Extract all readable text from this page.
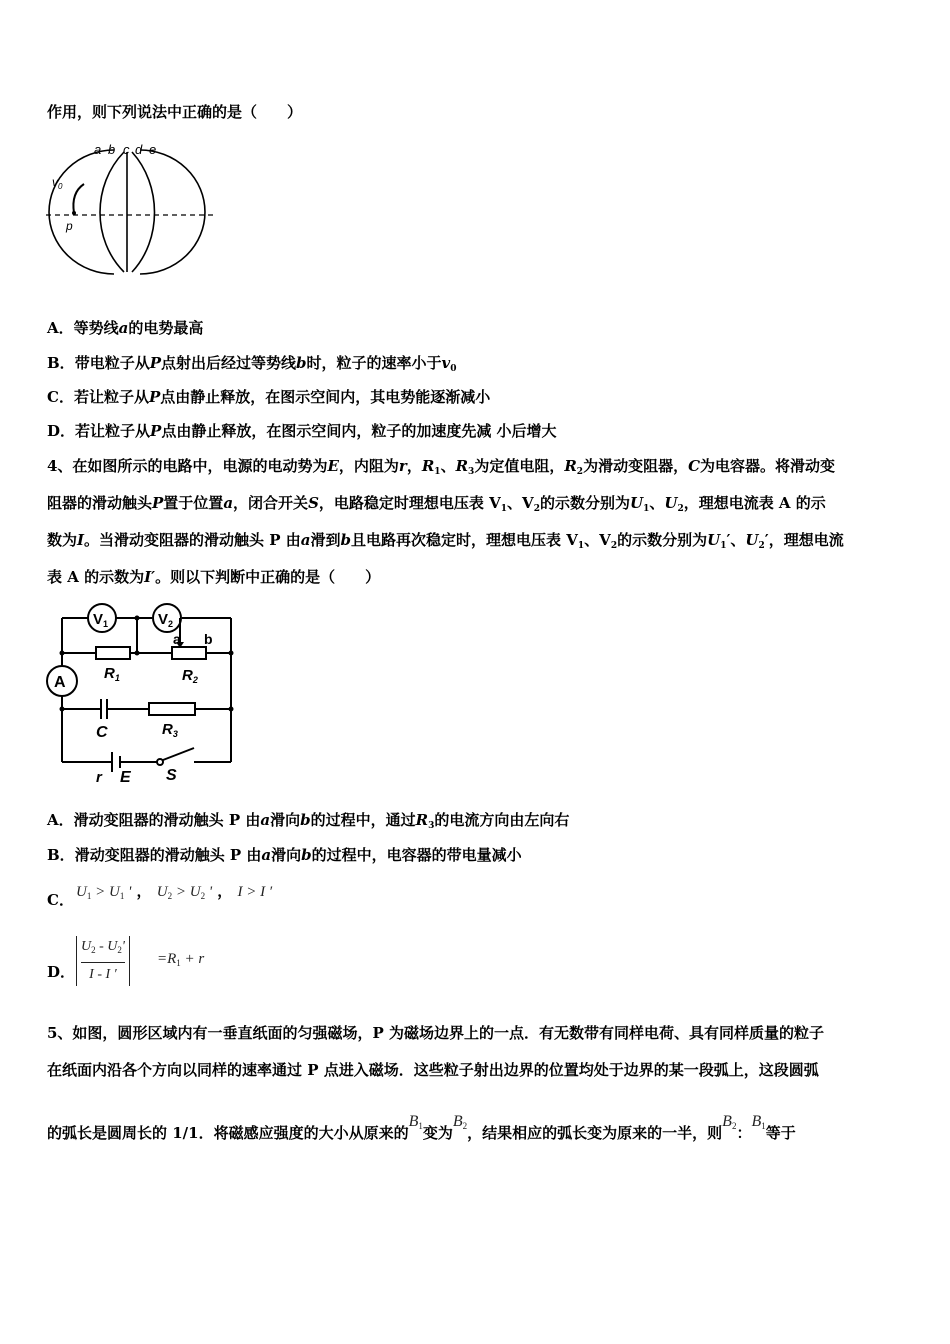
作用，则下列说法中正确的是（　　）
a b c d e
$v_0$
p
A．等势线a的电势最高
B．带电粒子从P点射出后经过等势线b时，粒子的速率小于$v_0$
C．若让粒子从P点由静止释放，在图示空间内，其电势能逐渐减小
D．若让粒子从P点由静止释放，在图示空间内，粒子的加速度先减 小后增大
4、在如图所示的电路中，电源的电动势为E，内阻为r，$R_1$、$R_3$为定值电阻，$R_2$为滑动变阻器，C为电容器。将滑动变
阻器的滑动触头P置于位置a，闭合开关S，电路稳定时理想电压表 $V_1$、$V_2$的示数分别为$U_1$、$U_2$，理想电流表 A 的示
数为I。当滑动变阻器的滑动触头 P 由a滑到b且电路再次稳定时，理想电压表 $V_1$、$V_2$的示数分别为$U_1'$、$U_2'$，理想电流
表 A 的示数为I′。则以下判断中正确的是（　　）
$V_1$	$V_2$
A
a b
$R_1$	$R_2$
$R_3$
C
r E S
A．滑动变阻器的滑动触头 P 由a滑向b的过程中，通过$R_3$的电流方向由左向右
B．滑动变阻器的滑动触头 P 由a滑向b的过程中，电容器的带电量减小
C． $U_1 > U_1$ ' ， $U_2 > U_2$ ' ， I > I ′
D．
$U_2 - U_2'$
I - I ′
$=R_1 + r$
5、如图，圆形区域内有一垂直纸面的匀强磁场，P 为磁场边界上的一点．有无数带有同样电荷、具有同样质量的粒子
在纸面内沿各个方向以同样的速率通过 P 点进入磁场．这些粒子射出边界的位置均处于边界的某一段弧上，这段圆弧
的弧长是圆周长的 1/1．将磁感应强度的大小从原来的$B_1$变为$B_2$，结果相应的弧长变为原来的一半，则$B_2$：$B_1$等于
